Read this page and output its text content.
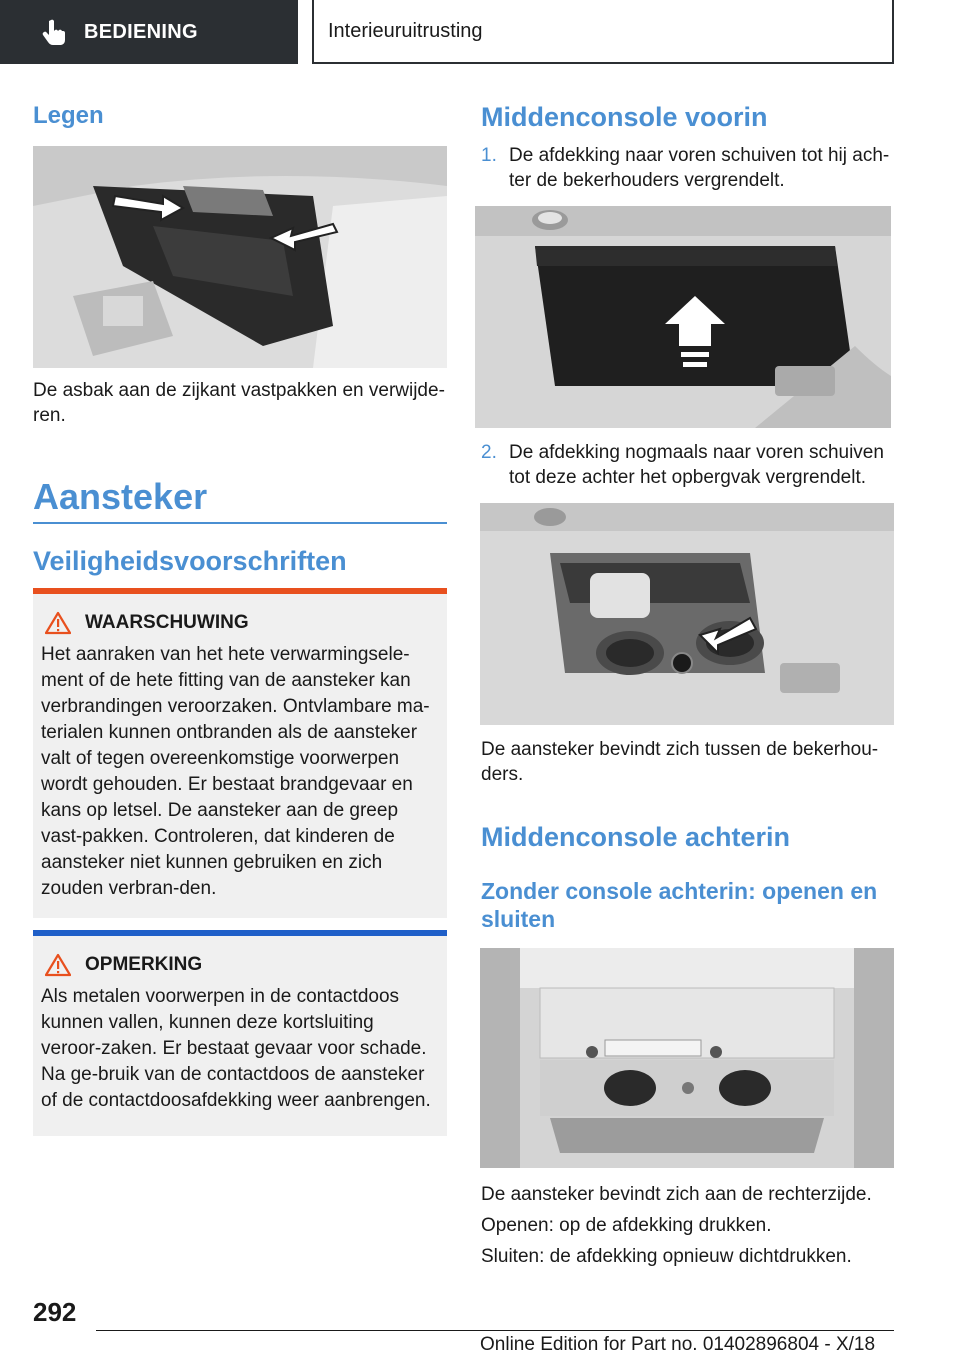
BEDIENING	Interieuruitrusting
Legen
De asbak aan de zijkant vastpakken en verwijde-ren.
Aansteker
Veiligheidsvoorschriften
WAARSCHUWING
Het aanraken van het hete verwarmingsele-ment of de hete fitting van de aansteker kan verbrandingen veroorzaken. Ontvlambare ma-terialen kunnen ontbranden als de aansteker valt of tegen overeenkomstige voorwerpen wordt gehouden. Er bestaat brandgevaar en kans op letsel. De aansteker aan de greep vast-pakken. Controleren, dat kinderen de aansteker niet kunnen gebruiken en zich zouden verbran-den.
OPMERKING
Als metalen voorwerpen in de contactdoos kunnen vallen, kunnen deze kortsluiting veroor-zaken. Er bestaat gevaar voor schade. Na ge-bruik van de contactdoos de aansteker of de contactdoosafdekking weer aanbrengen.
Middenconsole voorin
1. De afdekking naar voren schuiven tot hij ach-ter de bekerhouders vergrendelt.
2. De afdekking nogmaals naar voren schuiven tot deze achter het opbergvak vergrendelt.
De aansteker bevindt zich tussen de bekerhou-ders.
Middenconsole achterin
Zonder console achterin: openen en sluiten
De aansteker bevindt zich aan de rechterzijde.
Openen: op de afdekking drukken.
Sluiten: de afdekking opnieuw dichtdrukken.
292
Online Edition for Part no. 01402896804 - X/18
